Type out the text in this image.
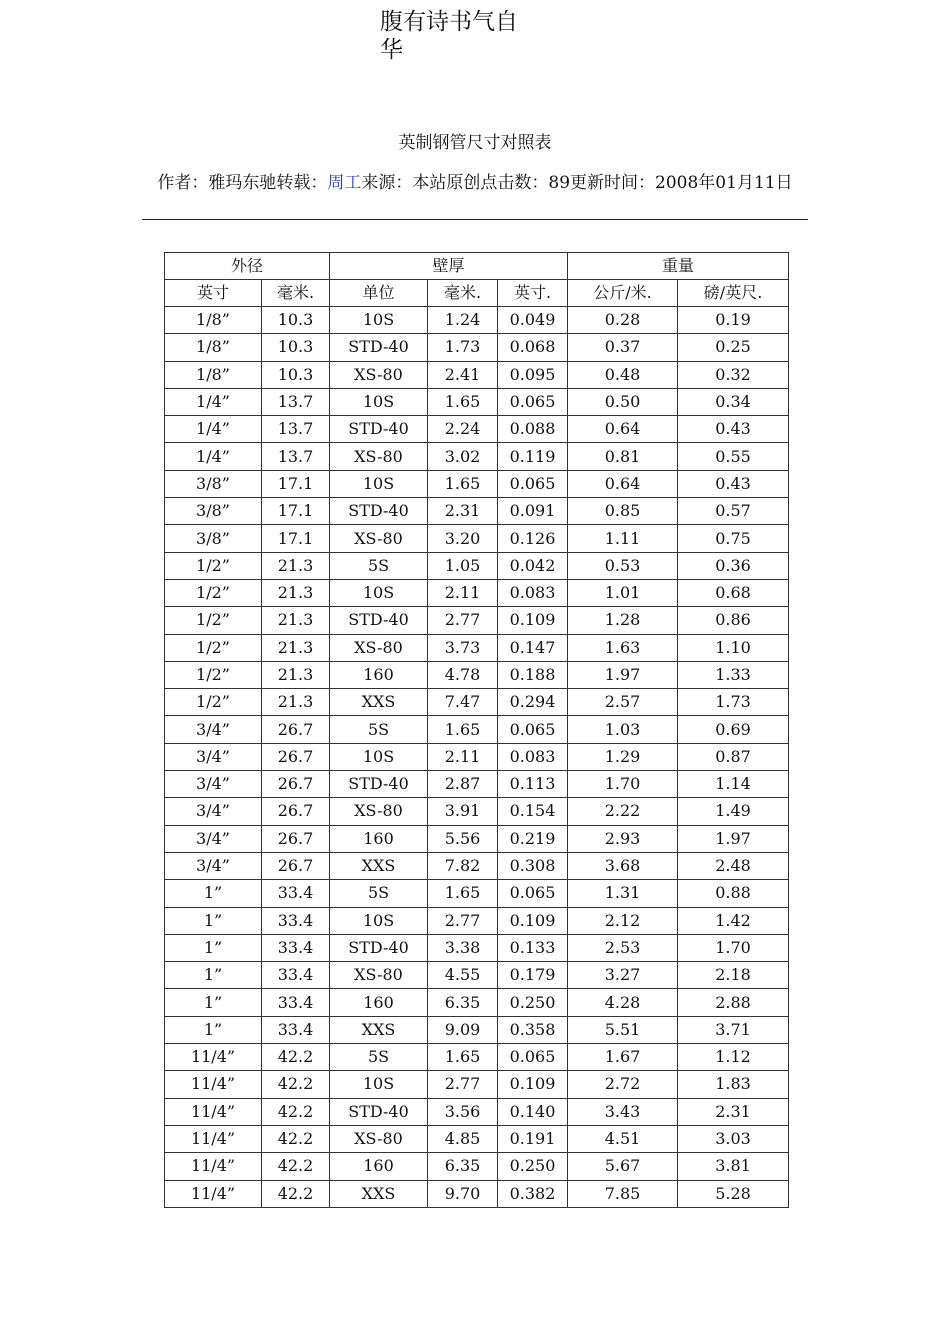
腹有诗书气自华
英制钢管尺寸对照表
作者：雅玛东驰转载：周工来源：本站原创点击数：89更新时间：2008年01月11日
外径		壁厚			重量	
英寸	毫米.	单位	毫米.	英寸.	公斤/米.	磅/英尺.
1/8”	10.3	10S	1.24	0.049	0.28	0.19
1/8”	10.3	STD-40	1.73	0.068	0.37	0.25
1/8”	10.3	XS-80	2.41	0.095	0.48	0.32
1/4”	13.7	10S	1.65	0.065	0.50	0.34
1/4”	13.7	STD-40	2.24	0.088	0.64	0.43
1/4”	13.7	XS-80	3.02	0.119	0.81	0.55
3/8”	17.1	10S	1.65	0.065	0.64	0.43
3/8”	17.1	STD-40	2.31	0.091	0.85	0.57
3/8”	17.1	XS-80	3.20	0.126	1.11	0.75
1/2”	21.3	5S	1.05	0.042	0.53	0.36
1/2”	21.3	10S	2.11	0.083	1.01	0.68
1/2”	21.3	STD-40	2.77	0.109	1.28	0.86
1/2”	21.3	XS-80	3.73	0.147	1.63	1.10
1/2”	21.3	160	4.78	0.188	1.97	1.33
1/2”	21.3	XXS	7.47	0.294	2.57	1.73
3/4”	26.7	5S	1.65	0.065	1.03	0.69
3/4”	26.7	10S	2.11	0.083	1.29	0.87
3/4”	26.7	STD-40	2.87	0.113	1.70	1.14
3/4”	26.7	XS-80	3.91	0.154	2.22	1.49
3/4”	26.7	160	5.56	0.219	2.93	1.97
3/4”	26.7	XXS	7.82	0.308	3.68	2.48
1”	33.4	5S	1.65	0.065	1.31	0.88
1”	33.4	10S	2.77	0.109	2.12	1.42
1”	33.4	STD-40	3.38	0.133	2.53	1.70
1”	33.4	XS-80	4.55	0.179	3.27	2.18
1”	33.4	160	6.35	0.250	4.28	2.88
1”	33.4	XXS	9.09	0.358	5.51	3.71
11/4”	42.2	5S	1.65	0.065	1.67	1.12
11/4”	42.2	10S	2.77	0.109	2.72	1.83
11/4”	42.2	STD-40	3.56	0.140	3.43	2.31
11/4”	42.2	XS-80	4.85	0.191	4.51	3.03
11/4”	42.2	160	6.35	0.250	5.67	3.81
11/4”	42.2	XXS	9.70	0.382	7.85	5.28
